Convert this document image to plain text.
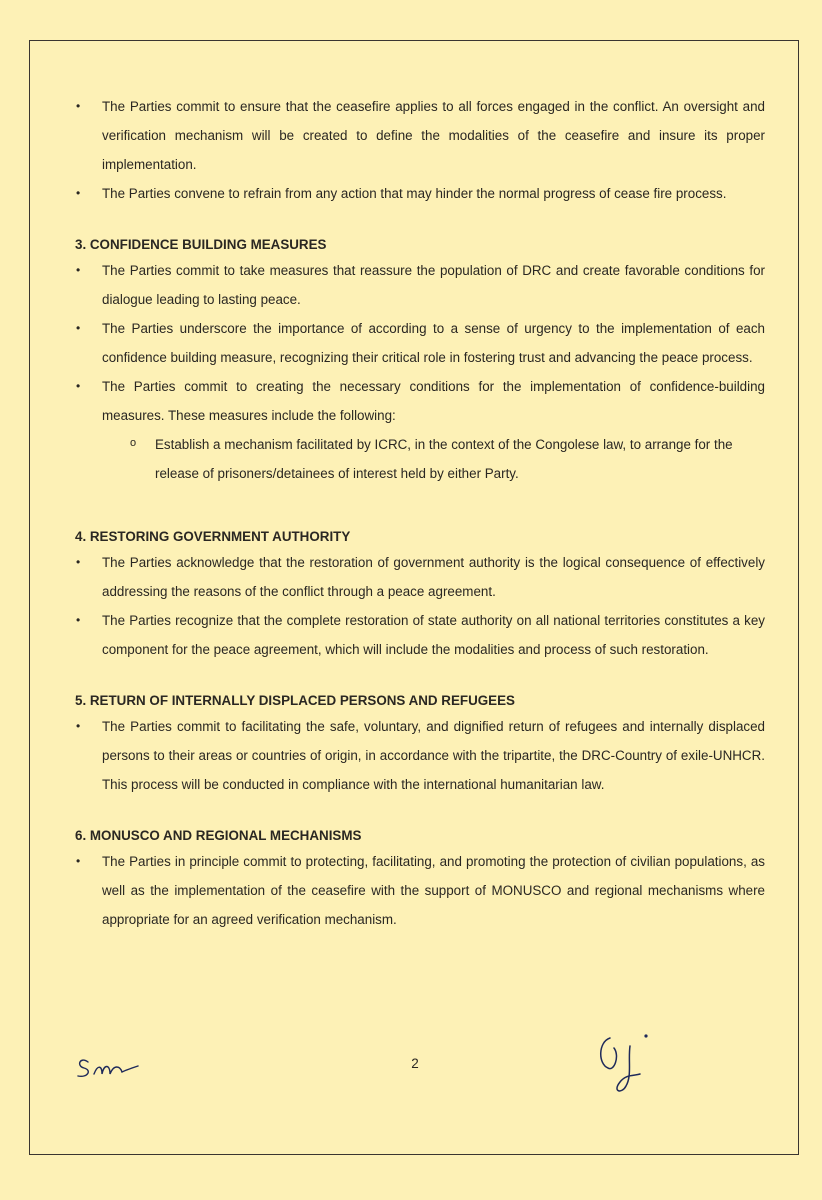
• The Parties commit to ensure that the ceasefire applies to all forces engaged in the conflict. An oversight and verification mechanism will be created to define the modalities of the ceasefire and insure its proper implementation.
• The Parties convene to refrain from any action that may hinder the normal progress of cease fire process.
3. CONFIDENCE BUILDING MEASURES
• The Parties commit to take measures that reassure the population of DRC and create favorable conditions for dialogue leading to lasting peace.
• The Parties underscore the importance of according to a sense of urgency to the implementation of each confidence building measure, recognizing their critical role in fostering trust and advancing the peace process.
• The Parties commit to creating the necessary conditions for the implementation of confidence-building measures. These measures include the following:
o Establish a mechanism facilitated by ICRC, in the context of the Congolese law, to arrange for the release of prisoners/detainees of interest held by either Party.
4. RESTORING GOVERNMENT AUTHORITY
• The Parties acknowledge that the restoration of government authority is the logical consequence of effectively addressing the reasons of the conflict through a peace agreement.
• The Parties recognize that the complete restoration of state authority on all national territories constitutes a key component for the peace agreement, which will include the modalities and process of such restoration.
5. RETURN OF INTERNALLY DISPLACED PERSONS AND REFUGEES
• The Parties commit to facilitating the safe, voluntary, and dignified return of refugees and internally displaced persons to their areas or countries of origin, in accordance with the tripartite, the DRC-Country of exile-UNHCR. This process will be conducted in compliance with the international humanitarian law.
6. MONUSCO AND REGIONAL MECHANISMS
• The Parties in principle commit to protecting, facilitating, and promoting the protection of civilian populations, as well as the implementation of the ceasefire with the support of MONUSCO and regional mechanisms where appropriate for an agreed verification mechanism.
2
